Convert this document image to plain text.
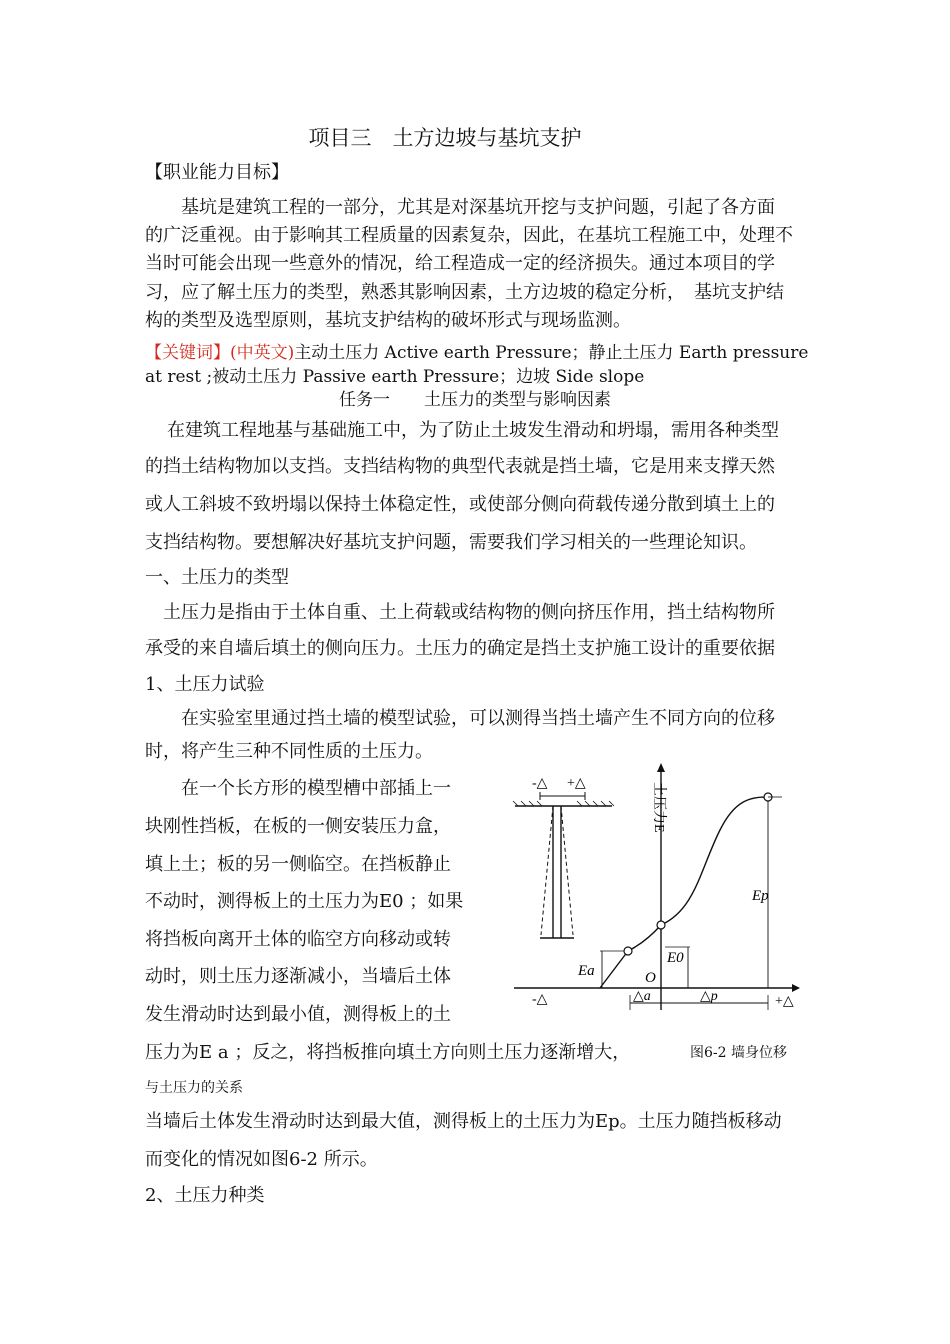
项目三　土方边坡与基坑支护
【职业能力目标】
基坑是建筑工程的一部分，尤其是对深基坑开挖与支护问题，引起了各方面
的广泛重视。由于影响其工程质量的因素复杂，因此，在基坑工程施工中，处理不
当时可能会出现一些意外的情况，给工程造成一定的经济损失。通过本项目的学
习，应了解土压力的类型，熟悉其影响因素，土方边坡的稳定分析，　基坑支护结
构的类型及选型原则，基坑支护结构的破坏形式与现场监测。
【关键词】(中英文)主动土压力 Active earth Pressure；静止土压力 Earth pressure
at rest ;被动土压力 Passive earth Pressure；边坡 Side slope
任务一　　土压力的类型与影响因素
在建筑工程地基与基础施工中，为了防止土坡发生滑动和坍塌，需用各种类型
的挡土结构物加以支挡。支挡结构物的典型代表就是挡土墙，它是用来支撑天然
或人工斜坡不致坍塌以保持土体稳定性，或使部分侧向荷载传递分散到填土上的
支挡结构物。要想解决好基坑支护问题，需要我们学习相关的一些理论知识。
一、土压力的类型
土压力是指由于土体自重、土上荷载或结构物的侧向挤压作用，挡土结构物所
承受的来自墙后填土的侧向压力。土压力的确定是挡土支护施工设计的重要依据
1、土压力试验
在实验室里通过挡土墙的模型试验，可以测得当挡土墙产生不同方向的位移
时，将产生三种不同性质的土压力。
在一个长方形的模型槽中部插上一
块刚性挡板，在板的一侧安装压力盒，
填上土；板的另一侧临空。在挡板静止
不动时，测得板上的土压力为E0 ；如果
将挡板向离开土体的临空方向移动或转
动时，则土压力逐渐减小，当墙后土体
发生滑动时达到最小值，测得板上的土
压力为E a ；反之，将挡板推向填土方向则土压力逐渐增大，	图6-2 墙身位移
与土压力的关系
当墙后土体发生滑动时达到最大值，测得板上的土压力为Ep。土压力随挡板移动
而变化的情况如图6-2 所示。
2、土压力种类
-△ +△	土压力E
Ep
E0
Ea	O
-△	+△
△a	△p
